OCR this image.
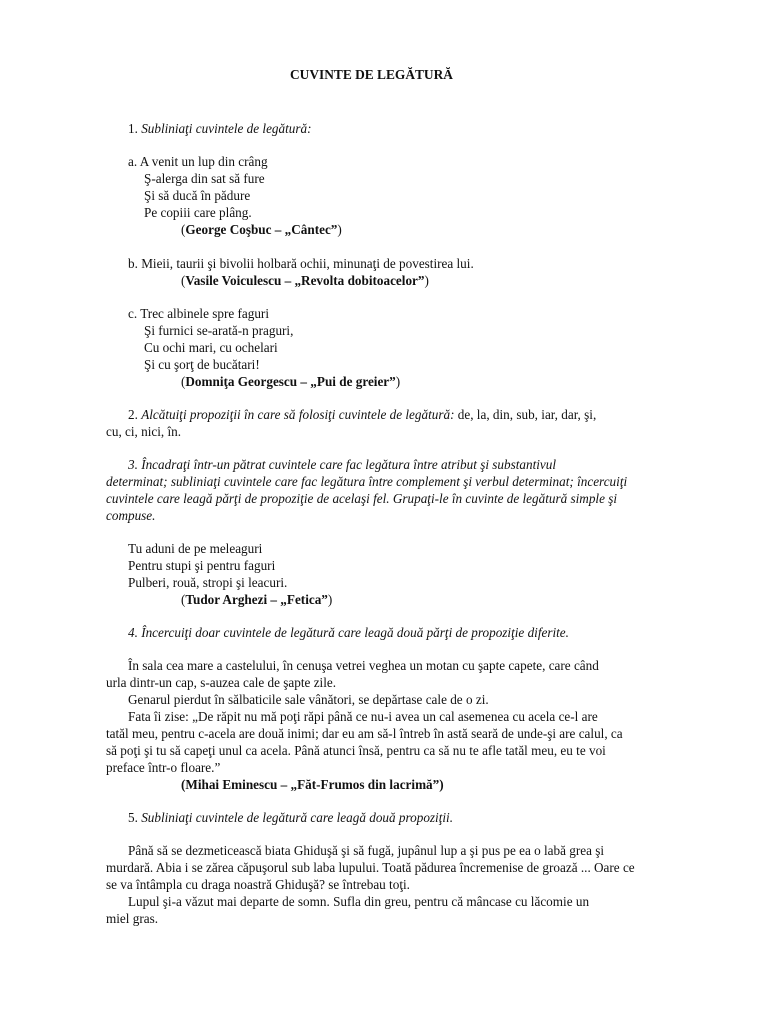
CUVINTE DE LEGĂTURĂ
1. Subliniaţi cuvintele de legătură:
a. A venit un lup din crâng
Ş-alerga din sat să fure
Şi să ducă în pădure
Pe copiii care plâng.
(George Coşbuc – „Cântec”)
b. Mieii, taurii şi bivolii holbară ochii, minunaţi de povestirea lui.
(Vasile Voiculescu – „Revolta dobitoacelor”)
c. Trec albinele spre faguri
Şi furnici se-arată-n praguri,
Cu ochi mari, cu ochelari
Şi cu şorţ de bucătari!
(Domniţa Georgescu – „Pui de greier”)
2. Alcătuiţi propoziţii în care să folosiţi cuvintele de legătură: de, la, din, sub, iar, dar, şi,
cu, ci, nici, în.
3. Încadraţi într-un pătrat cuvintele care fac legătura între atribut şi substantivul
determinat; subliniaţi cuvintele care fac legătura între complement şi verbul determinat; încercuiţi
cuvintele care leagă părţi de propoziţie de acelaşi fel. Grupaţi-le în cuvinte de legătură simple şi
compuse.
Tu aduni de pe meleaguri
Pentru stupi şi pentru faguri
Pulberi, rouă, stropi şi leacuri.
(Tudor Arghezi – „Fetica”)
4. Încercuiţi doar cuvintele de legătură care leagă două părţi de propoziţie diferite.
În sala cea mare a castelului, în cenuşa vetrei veghea un motan cu şapte capete, care când
urla dintr-un cap, s-auzea cale de şapte zile.
Genarul pierdut în sălbaticile sale vânători, se depărtase cale de o zi.
Fata îi zise: „De răpit nu mă poţi răpi până ce nu-i avea un cal asemenea cu acela ce-l are
tatăl meu, pentru c-acela are două inimi; dar eu am să-l întreb în astă seară de unde-şi are calul, ca
să poţi şi tu să capeţi unul ca acela. Până atunci însă, pentru ca să nu te afle tatăl meu, eu te voi
preface într-o floare.”
(Mihai Eminescu – „Făt-Frumos din lacrimă”)
5. Subliniaţi cuvintele de legătură care leagă două propoziţii.
Până să se dezmeticească biata Ghiduşă şi să fugă, jupânul lup a şi pus pe ea o labă grea şi
murdară. Abia i se zărea căpuşorul sub laba lupului. Toată pădurea încremenise de groază ... Oare ce
se va întâmpla cu draga noastră Ghiduşă? se întrebau toţi.
Lupul şi-a văzut mai departe de somn. Sufla din greu, pentru că mâncase cu lăcomie un
miel gras.
